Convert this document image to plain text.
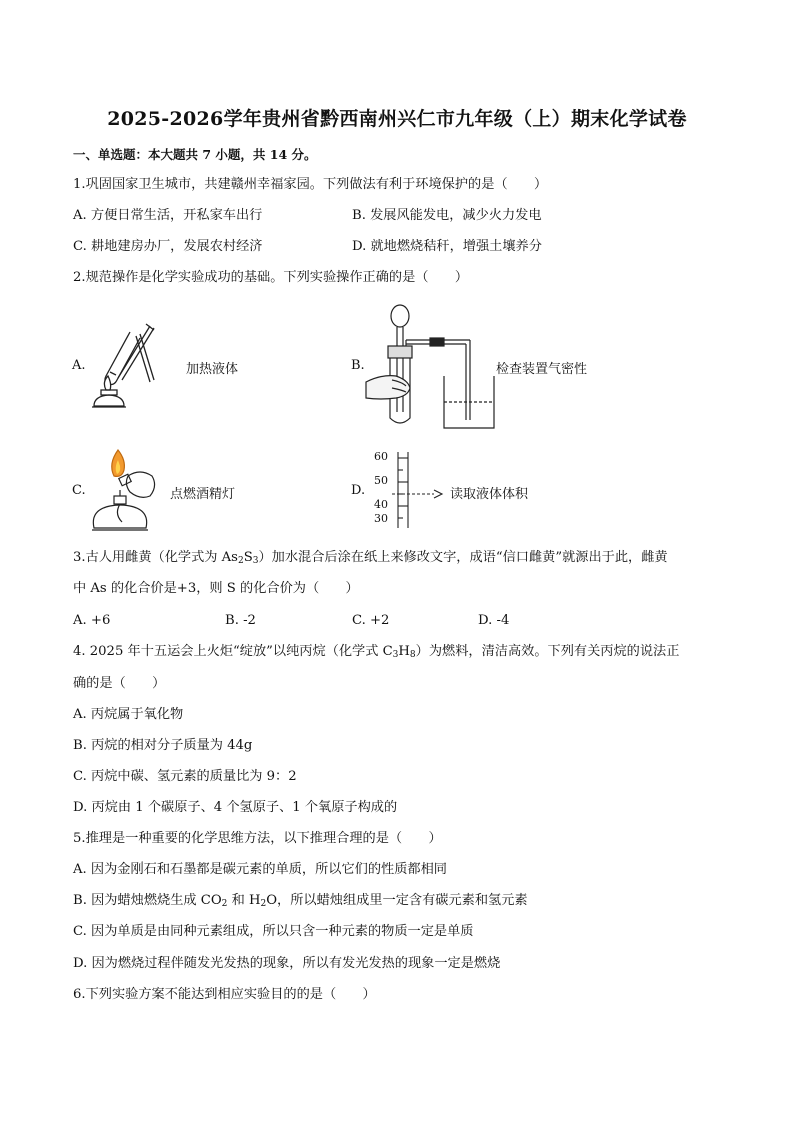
2025-2026学年贵州省黔西南州兴仁市九年级（上）期末化学试卷
一、单选题：本大题共 7 小题，共 14 分。
1.巩固国家卫生城市，共建赣州幸福家园。下列做法有利于环境保护的是（　　）
A. 方便日常生活，开私家车出行	B. 发展风能发电，减少火力发电
C. 耕地建房办厂，发展农村经济	D. 就地燃烧秸秆，增强土壤养分
2.规范操作是化学实验成功的基础。下列实验操作正确的是（　　）
A.	加热液体	B.	检查装置气密性
C.	点燃酒精灯	D.
60
50
40
30
读取液体体积
3.古人用雌黄（化学式为 $As_2S_3$）加水混合后涂在纸上来修改文字，成语“信口雌黄”就源出于此，雌黄
中 As 的化合价是+3，则 S 的化合价为（　　）
A. +6	B. -2	C. +2	D. -4
4. 2025 年十五运会上火炬“绽放”以纯丙烷（化学式 $C_3H_8$）为燃料，清洁高效。下列有关丙烷的说法正
确的是（　　）
A. 丙烷属于氧化物
B. 丙烷的相对分子质量为 44g
C. 丙烷中碳、氢元素的质量比为 9：2
D. 丙烷由 1 个碳原子、4 个氢原子、1 个氧原子构成的
5.推理是一种重要的化学思维方法，以下推理合理的是（　　）
A. 因为金刚石和石墨都是碳元素的单质，所以它们的性质都相同
B. 因为蜡烛燃烧生成 $CO_2$ 和 $H_2O$，所以蜡烛组成里一定含有碳元素和氢元素
C. 因为单质是由同种元素组成，所以只含一种元素的物质一定是单质
D. 因为燃烧过程伴随发光发热的现象，所以有发光发热的现象一定是燃烧
6.下列实验方案不能达到相应实验目的的是（　　）
